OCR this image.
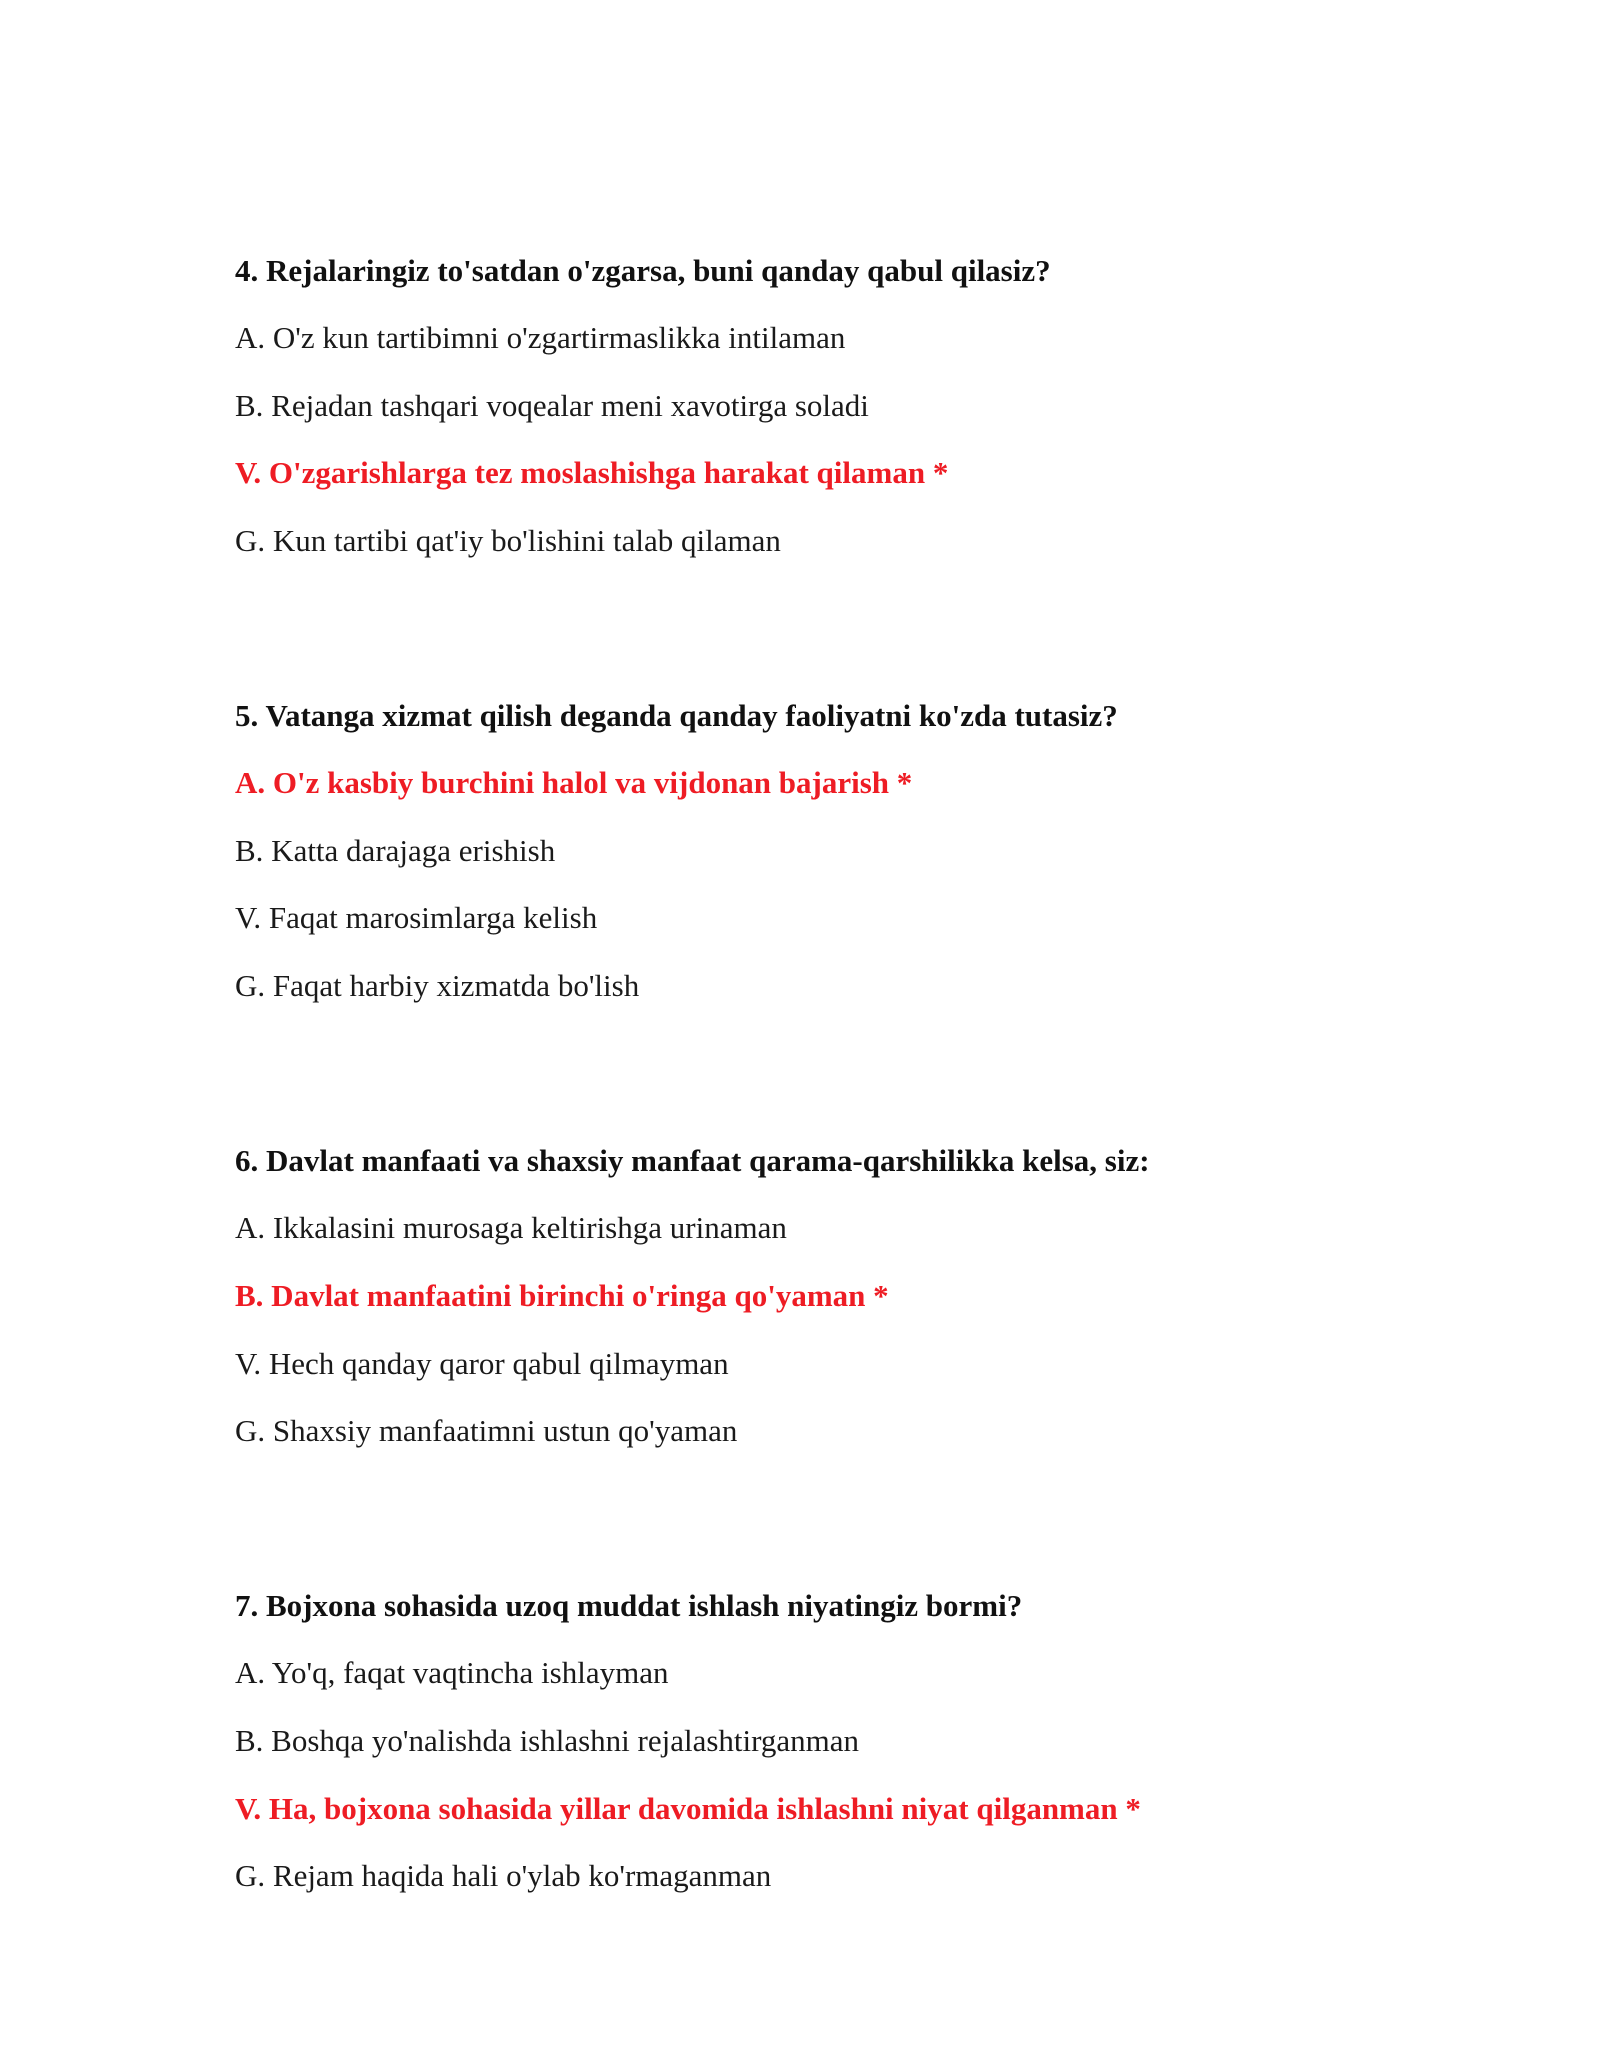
4. Rejalaringiz to'satdan o'zgarsa, buni qanday qabul qilasiz?

A. O'z kun tartibimni o'zgartirmaslikka intilaman

B. Rejadan tashqari voqealar meni xavotirga soladi

V. O'zgarishlarga tez moslashishga harakat qilaman *

G. Kun tartibi qat'iy bo'lishini talab qilaman

5. Vatanga xizmat qilish deganda qanday faoliyatni ko'zda tutasiz?

A. O'z kasbiy burchini halol va vijdonan bajarish *

B. Katta darajaga erishish

V. Faqat marosimlarga kelish

G. Faqat harbiy xizmatda bo'lish

6. Davlat manfaati va shaxsiy manfaat qarama-qarshilikka kelsa, siz:

A. Ikkalasini murosaga keltirishga urinaman

B. Davlat manfaatini birinchi o'ringa qo'yaman *

V. Hech qanday qaror qabul qilmayman

G. Shaxsiy manfaatimni ustun qo'yaman

7. Bojxona sohasida uzoq muddat ishlash niyatingiz bormi?

A. Yo'q, faqat vaqtincha ishlayman

B. Boshqa yo'nalishda ishlashni rejalashtirganman

V. Ha, bojxona sohasida yillar davomida ishlashni niyat qilganman *

G. Rejam haqida hali o'ylab ko'rmaganman
